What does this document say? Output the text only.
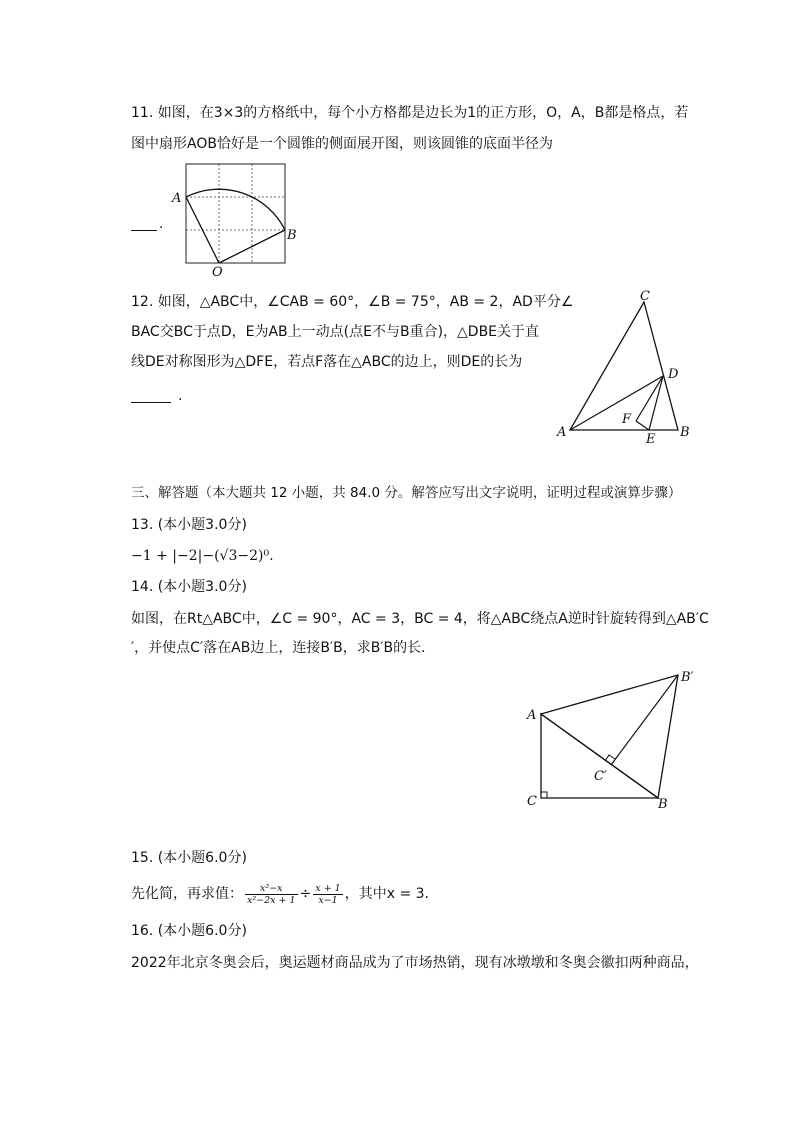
11. 如图，在3×3的方格纸中，每个小方格都是边长为1的正方形，O，A，B都是格点，若
图中扇形AOB恰好是一个圆锥的侧面展开图，则该圆锥的底面半径为
A
B
O
.
12. 如图，△ABC中，∠CAB = 60°，∠B = 75°，AB = 2，AD平分∠
BAC交BC于点D，E为AB上一动点(点E不与B重合)，△DBE关于直
线DE对称图形为△DFE，若点F落在△ABC的边上，则DE的长为
.
A	B
C
D
E
F
三、解答题（本大题共 12 小题，共 84.0 分。解答应写出文字说明，证明过程或演算步骤）
13. (本小题3.0分)
−1 + |−2|−(√3−2)⁰.
14. (本小题3.0分)
如图，在Rt△ABC中，∠C = 90°，AC = 3，BC = 4，将△ABC绕点A逆时针旋转得到△AB′C
′，并使点C′落在AB边上，连接B′B，求B′B的长.
A
C	B
B′
C′
15. (本小题6.0分)
先化简，再求值： $\frac{\text{x²−x}}{\text{x²−2x + 1}} \div \frac{x + 1}{x-1}$ ，其中x = 3.
16. (本小题6.0分)
2022年北京冬奥会后，奥运题材商品成为了市场热销，现有冰墩墩和冬奥会徽扣两种商品，
